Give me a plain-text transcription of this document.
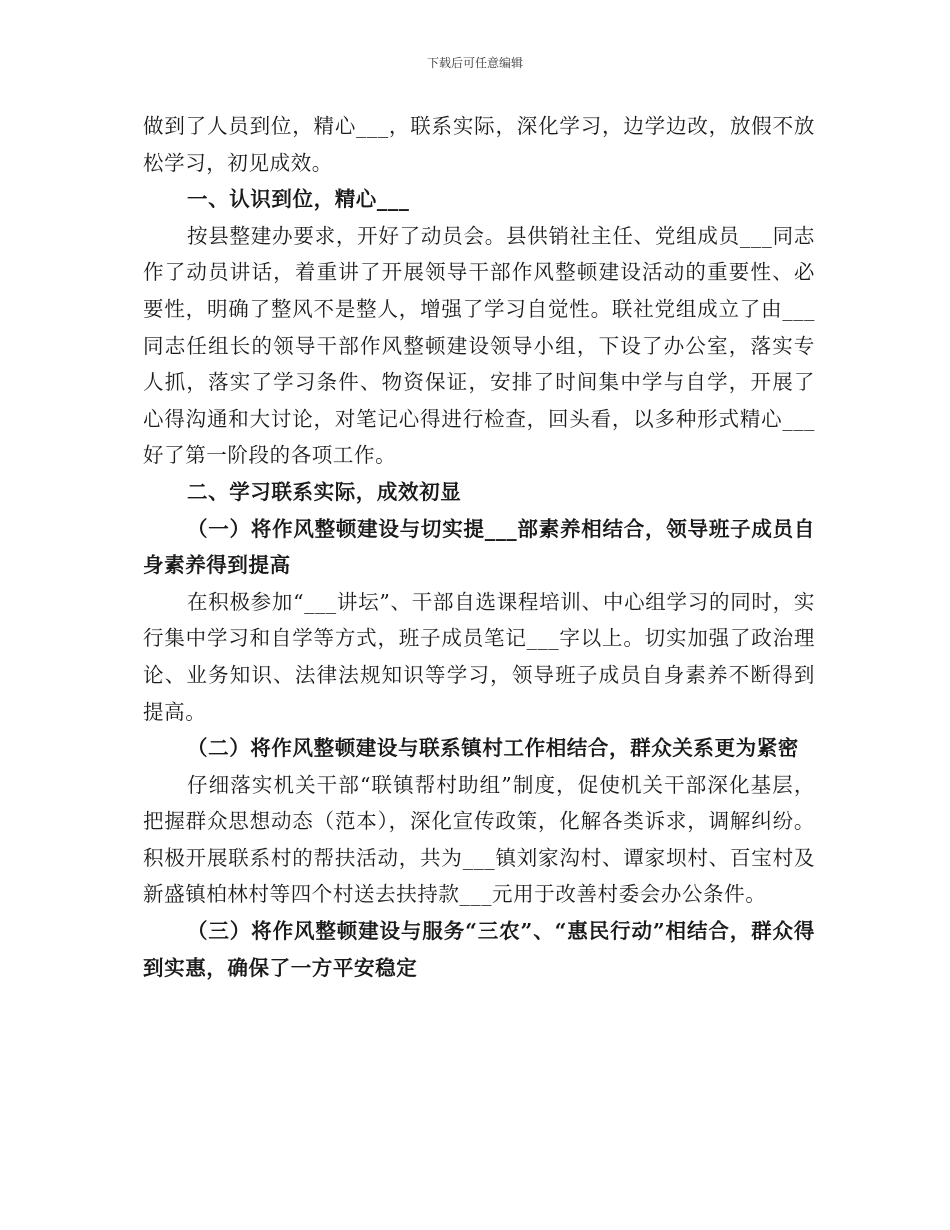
下载后可任意编辑

做到了人员到位，精心___，联系实际，深化学习，边学边改，放假不放松学习，初见成效。

一、认识到位，精心___

按县整建办要求，开好了动员会。县供销社主任、党组成员___同志作了动员讲话，着重讲了开展领导干部作风整顿建设活动的重要性、必要性，明确了整风不是整人，增强了学习自觉性。联社党组成立了由___同志任组长的领导干部作风整顿建设领导小组，下设了办公室，落实专人抓，落实了学习条件、物资保证，安排了时间集中学与自学，开展了心得沟通和大讨论，对笔记心得进行检查，回头看，以多种形式精心___好了第一阶段的各项工作。

二、学习联系实际，成效初显

（一）将作风整顿建设与切实提___部素养相结合，领导班子成员自身素养得到提高

在积极参加“___讲坛”、干部自选课程培训、中心组学习的同时，实行集中学习和自学等方式，班子成员笔记___字以上。切实加强了政治理论、业务知识、法律法规知识等学习，领导班子成员自身素养不断得到提高。

（二）将作风整顿建设与联系镇村工作相结合，群众关系更为紧密

仔细落实机关干部“联镇帮村助组”制度，促使机关干部深化基层，把握群众思想动态（范本），深化宣传政策，化解各类诉求，调解纠纷。积极开展联系村的帮扶活动，共为___镇刘家沟村、谭家坝村、百宝村及新盛镇柏林村等四个村送去扶持款___元用于改善村委会办公条件。

（三）将作风整顿建设与服务“三农”、“惠民行动”相结合，群众得到实惠，确保了一方平安稳定
